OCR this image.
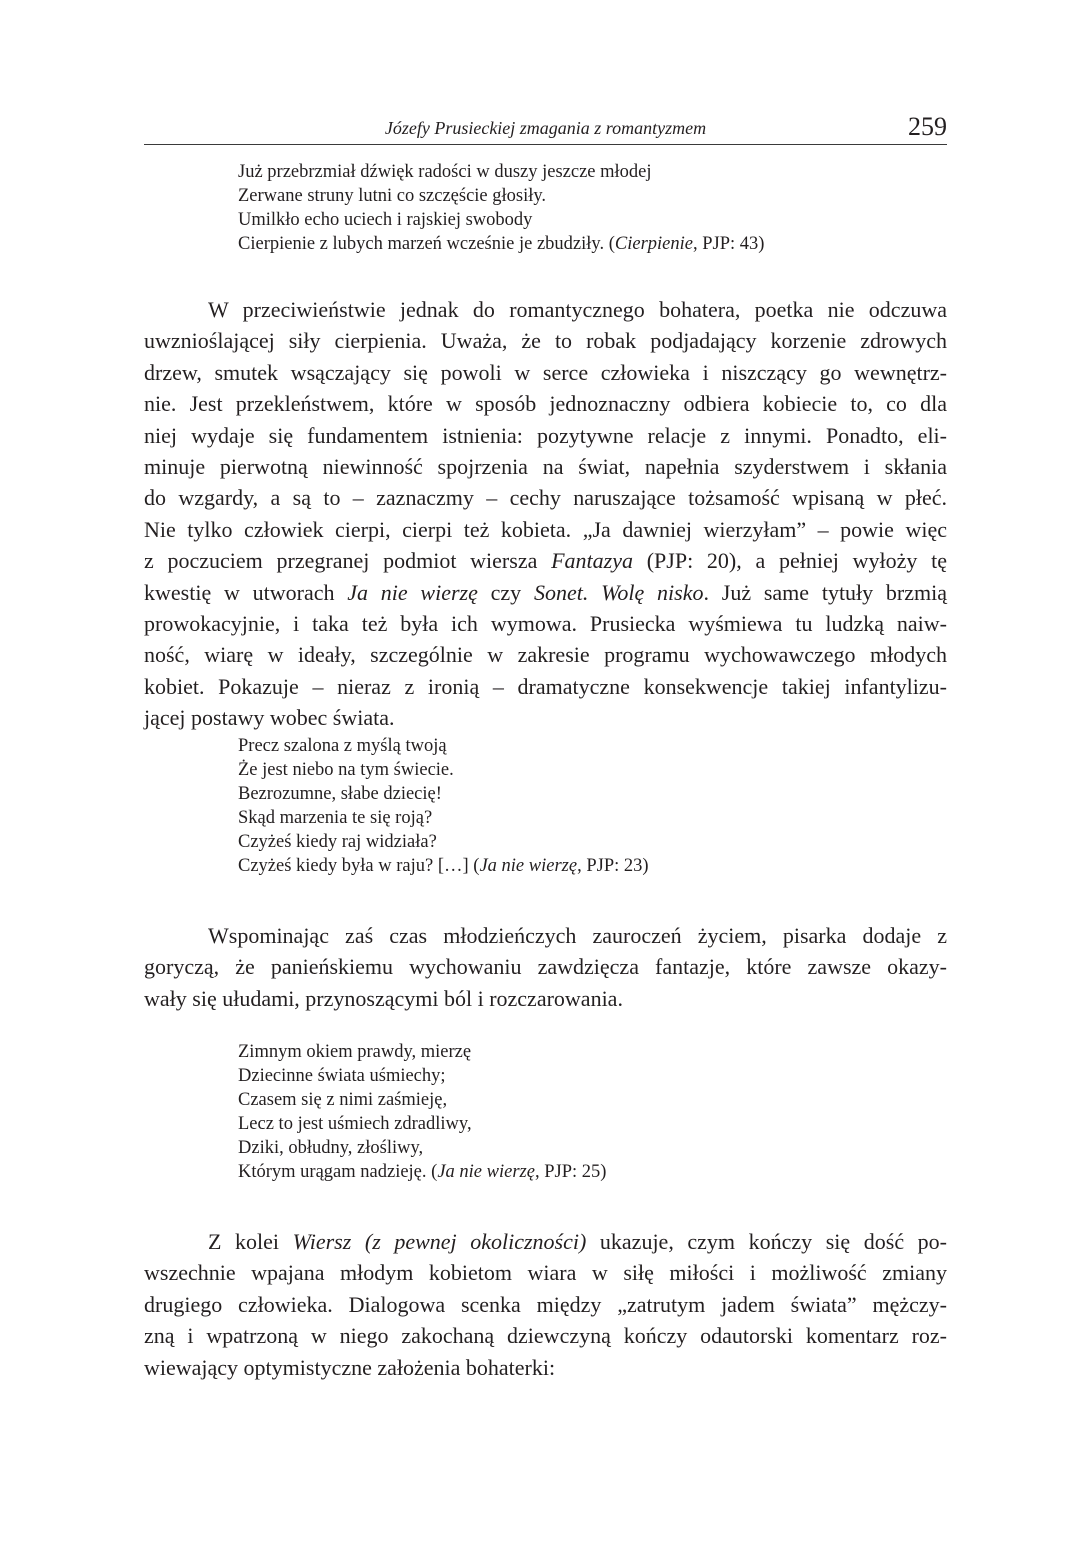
Józefy Prusieckiej zmagania z romantyzmem	259
Już przebrzmiał dźwięk radości w duszy jeszcze młodej
Zerwane struny lutni co szczęście głosiły.
Umilkło echo uciech i rajskiej swobody
Cierpienie z lubych marzeń wcześnie je zbudziły. (Cierpienie, PJP: 43)
W przeciwieństwie jednak do romantycznego bohatera, poetka nie odczuwa
uwznioślającej siły cierpienia. Uważa, że to robak podjadający korzenie zdrowych
drzew, smutek wsączający się powoli w serce człowieka i niszczący go wewnętrz-
nie. Jest przekleństwem, które w sposób jednoznaczny odbiera kobiecie to, co dla
niej wydaje się fundamentem istnienia: pozytywne relacje z innymi. Ponadto, eli-
minuje pierwotną niewinność spojrzenia na świat, napełnia szyderstwem i skłania
do wzgardy, a są to – zaznaczmy – cechy naruszające tożsamość wpisaną w płeć.
Nie tylko człowiek cierpi, cierpi też kobieta. „Ja dawniej wierzyłam” – powie więc
z poczuciem przegranej podmiot wiersza Fantazya (PJP: 20), a pełniej wyłoży tę
kwestię w utworach Ja nie wierzę czy Sonet. Wolę nisko. Już same tytuły brzmią
prowokacyjnie, i taka też była ich wymowa. Prusiecka wyśmiewa tu ludzką naiw-
ność, wiarę w ideały, szczególnie w zakresie programu wychowawczego młodych
kobiet. Pokazuje – nieraz z ironią – dramatyczne konsekwencje takiej infantylizu-
jącej postawy wobec świata.
Precz szalona z myślą twoją
Że jest niebo na tym świecie.
Bezrozumne, słabe dziecię!
Skąd marzenia te się roją?
Czyżeś kiedy raj widziała?
Czyżeś kiedy była w raju? […] (Ja nie wierzę, PJP: 23)
Wspominając zaś czas młodzieńczych zauroczeń życiem, pisarka dodaje z
goryczą, że panieńskiemu wychowaniu zawdzięcza fantazje, które zawsze okazy-
wały się ułudami, przynoszącymi ból i rozczarowania.
Zimnym okiem prawdy, mierzę
Dziecinne świata uśmiechy;
Czasem się z nimi zaśmieję,
Lecz to jest uśmiech zdradliwy,
Dziki, obłudny, złośliwy,
Którym urągam nadzieję. (Ja nie wierzę, PJP: 25)
Z kolei Wiersz (z pewnej okoliczności) ukazuje, czym kończy się dość po-
wszechnie wpajana młodym kobietom wiara w siłę miłości i możliwość zmiany
drugiego człowieka. Dialogowa scenka między „zatrutym jadem świata” mężczy-
zną i wpatrzoną w niego zakochaną dziewczyną kończy odautorski komentarz roz-
wiewający optymistyczne założenia bohaterki:
